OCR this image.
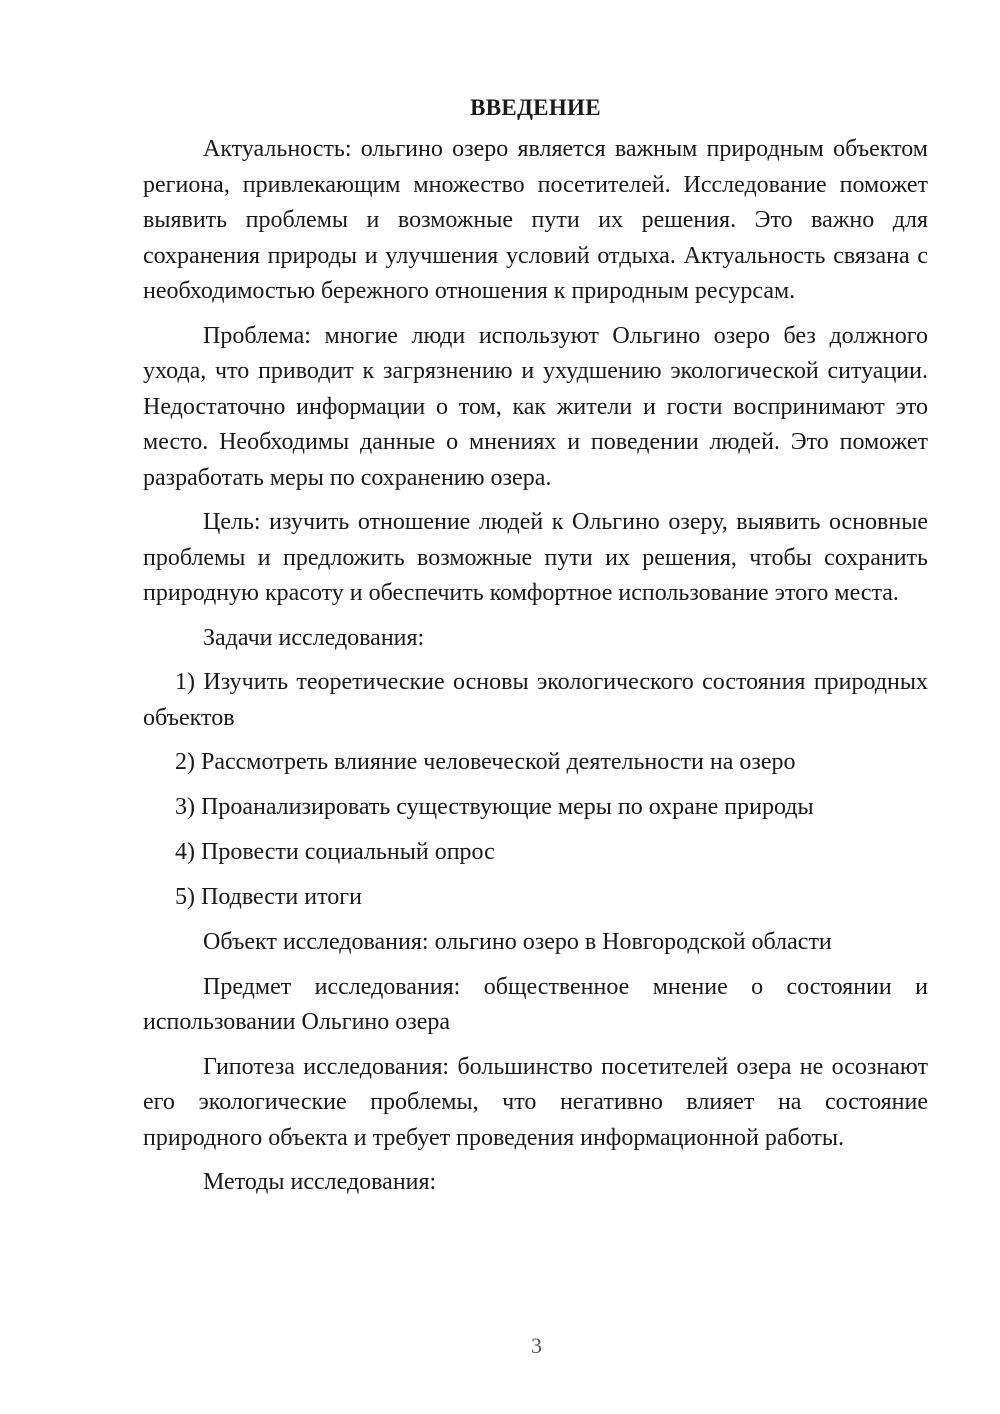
ВВЕДЕНИЕ

Актуальность: ольгино озеро является важным природным объектом региона, привлекающим множество посетителей. Исследование поможет выявить проблемы и возможные пути их решения. Это важно для сохранения природы и улучшения условий отдыха. Актуальность связана с необходимостью бережного отношения к природным ресурсам.

Проблема: многие люди используют Ольгино озеро без должного ухода, что приводит к загрязнению и ухудшению экологической ситуации. Недостаточно информации о том, как жители и гости воспринимают это место. Необходимы данные о мнениях и поведении людей. Это поможет разработать меры по сохранению озера.

Цель: изучить отношение людей к Ольгино озеру, выявить основные проблемы и предложить возможные пути их решения, чтобы сохранить природную красоту и обеспечить комфортное использование этого места.

Задачи исследования:

1) Изучить теоретические основы экологического состояния природных объектов

2) Рассмотреть влияние человеческой деятельности на озеро

3) Проанализировать существующие меры по охране природы

4) Провести социальный опрос

5) Подвести итоги

Объект исследования: ольгино озеро в Новгородской области

Предмет исследования: общественное мнение о состоянии и использовании Ольгино озера

Гипотеза исследования: большинство посетителей озера не осознают его экологические проблемы, что негативно влияет на состояние природного объекта и требует проведения информационной работы.

Методы исследования:

3
